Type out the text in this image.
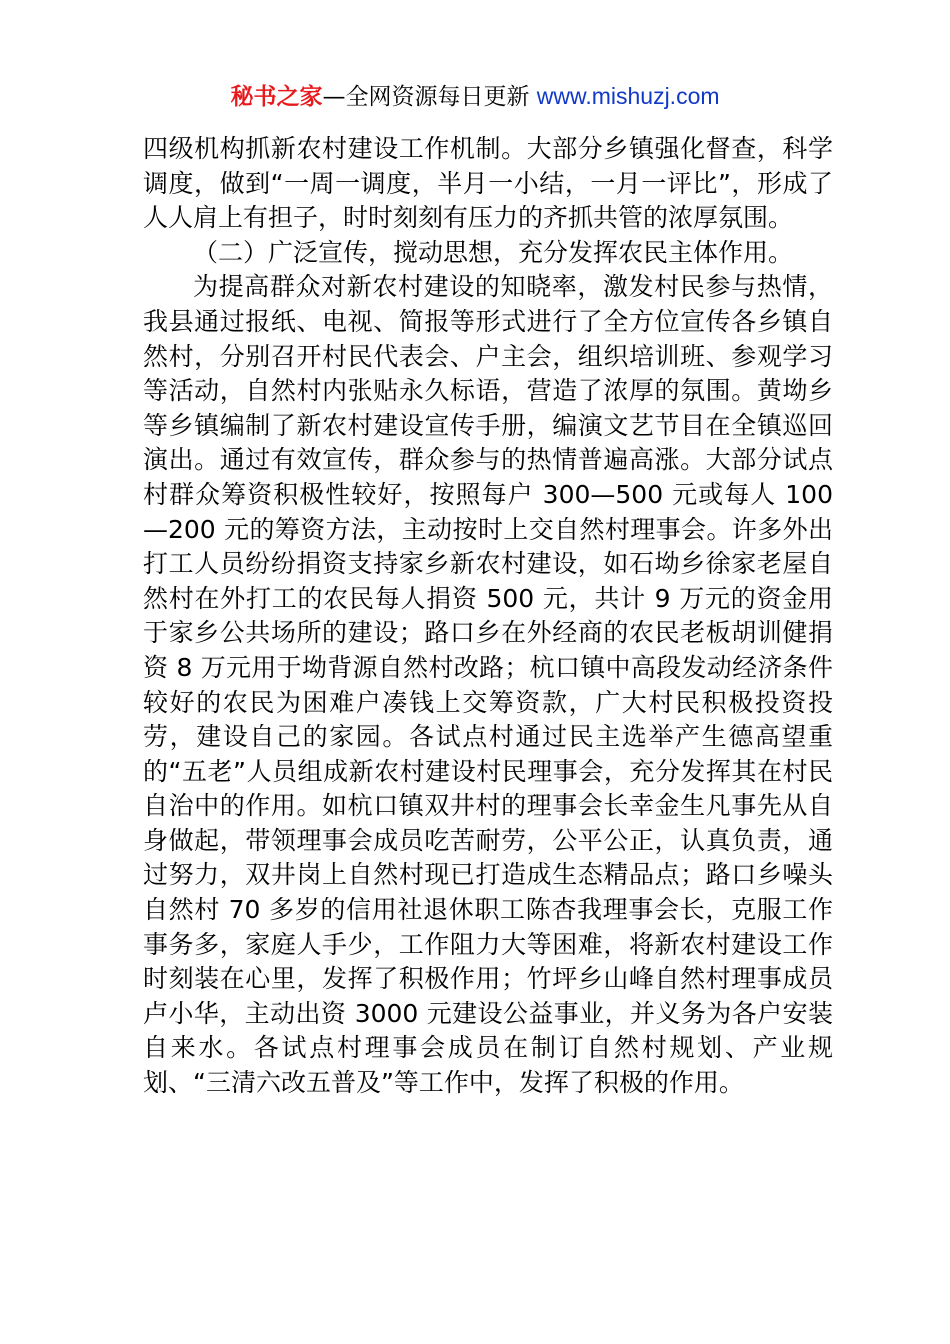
秘书之家—全网资源每日更新 www.mishuzj.com

四级机构抓新农村建设工作机制。大部分乡镇强化督查，科学调度，做到“一周一调度，半月一小结，一月一评比”，形成了人人肩上有担子，时时刻刻有压力的齐抓共管的浓厚氛围。

（二）广泛宣传，搅动思想，充分发挥农民主体作用。

为提高群众对新农村建设的知晓率，激发村民参与热情，我县通过报纸、电视、简报等形式进行了全方位宣传各乡镇自然村，分别召开村民代表会、户主会，组织培训班、参观学习等活动，自然村内张贴永久标语，营造了浓厚的氛围。黄坳乡等乡镇编制了新农村建设宣传手册，编演文艺节目在全镇巡回演出。通过有效宣传，群众参与的热情普遍高涨。大部分试点村群众筹资积极性较好，按照每户 300—500 元或每人 100—200 元的筹资方法，主动按时上交自然村理事会。许多外出打工人员纷纷捐资支持家乡新农村建设，如石坳乡徐家老屋自然村在外打工的农民每人捐资 500 元，共计 9 万元的资金用于家乡公共场所的建设；路口乡在外经商的农民老板胡训健捐资 8 万元用于坳背源自然村改路；杭口镇中高段发动经济条件较好的农民为困难户凑钱上交筹资款，广大村民积极投资投劳，建设自己的家园。各试点村通过民主选举产生德高望重的“五老”人员组成新农村建设村民理事会，充分发挥其在村民自治中的作用。如杭口镇双井村的理事会长幸金生凡事先从自身做起，带领理事会成员吃苦耐劳，公平公正，认真负责，通过努力，双井岗上自然村现已打造成生态精品点；路口乡噪头自然村 70 多岁的信用社退休职工陈杏我理事会长，克服工作事务多，家庭人手少，工作阻力大等困难，将新农村建设工作时刻装在心里，发挥了积极作用；竹坪乡山峰自然村理事成员卢小华，主动出资 3000 元建设公益事业，并义务为各户安装自来水。各试点村理事会成员在制订自然村规划、产业规划、“三清六改五普及”等工作中，发挥了积极的作用。
